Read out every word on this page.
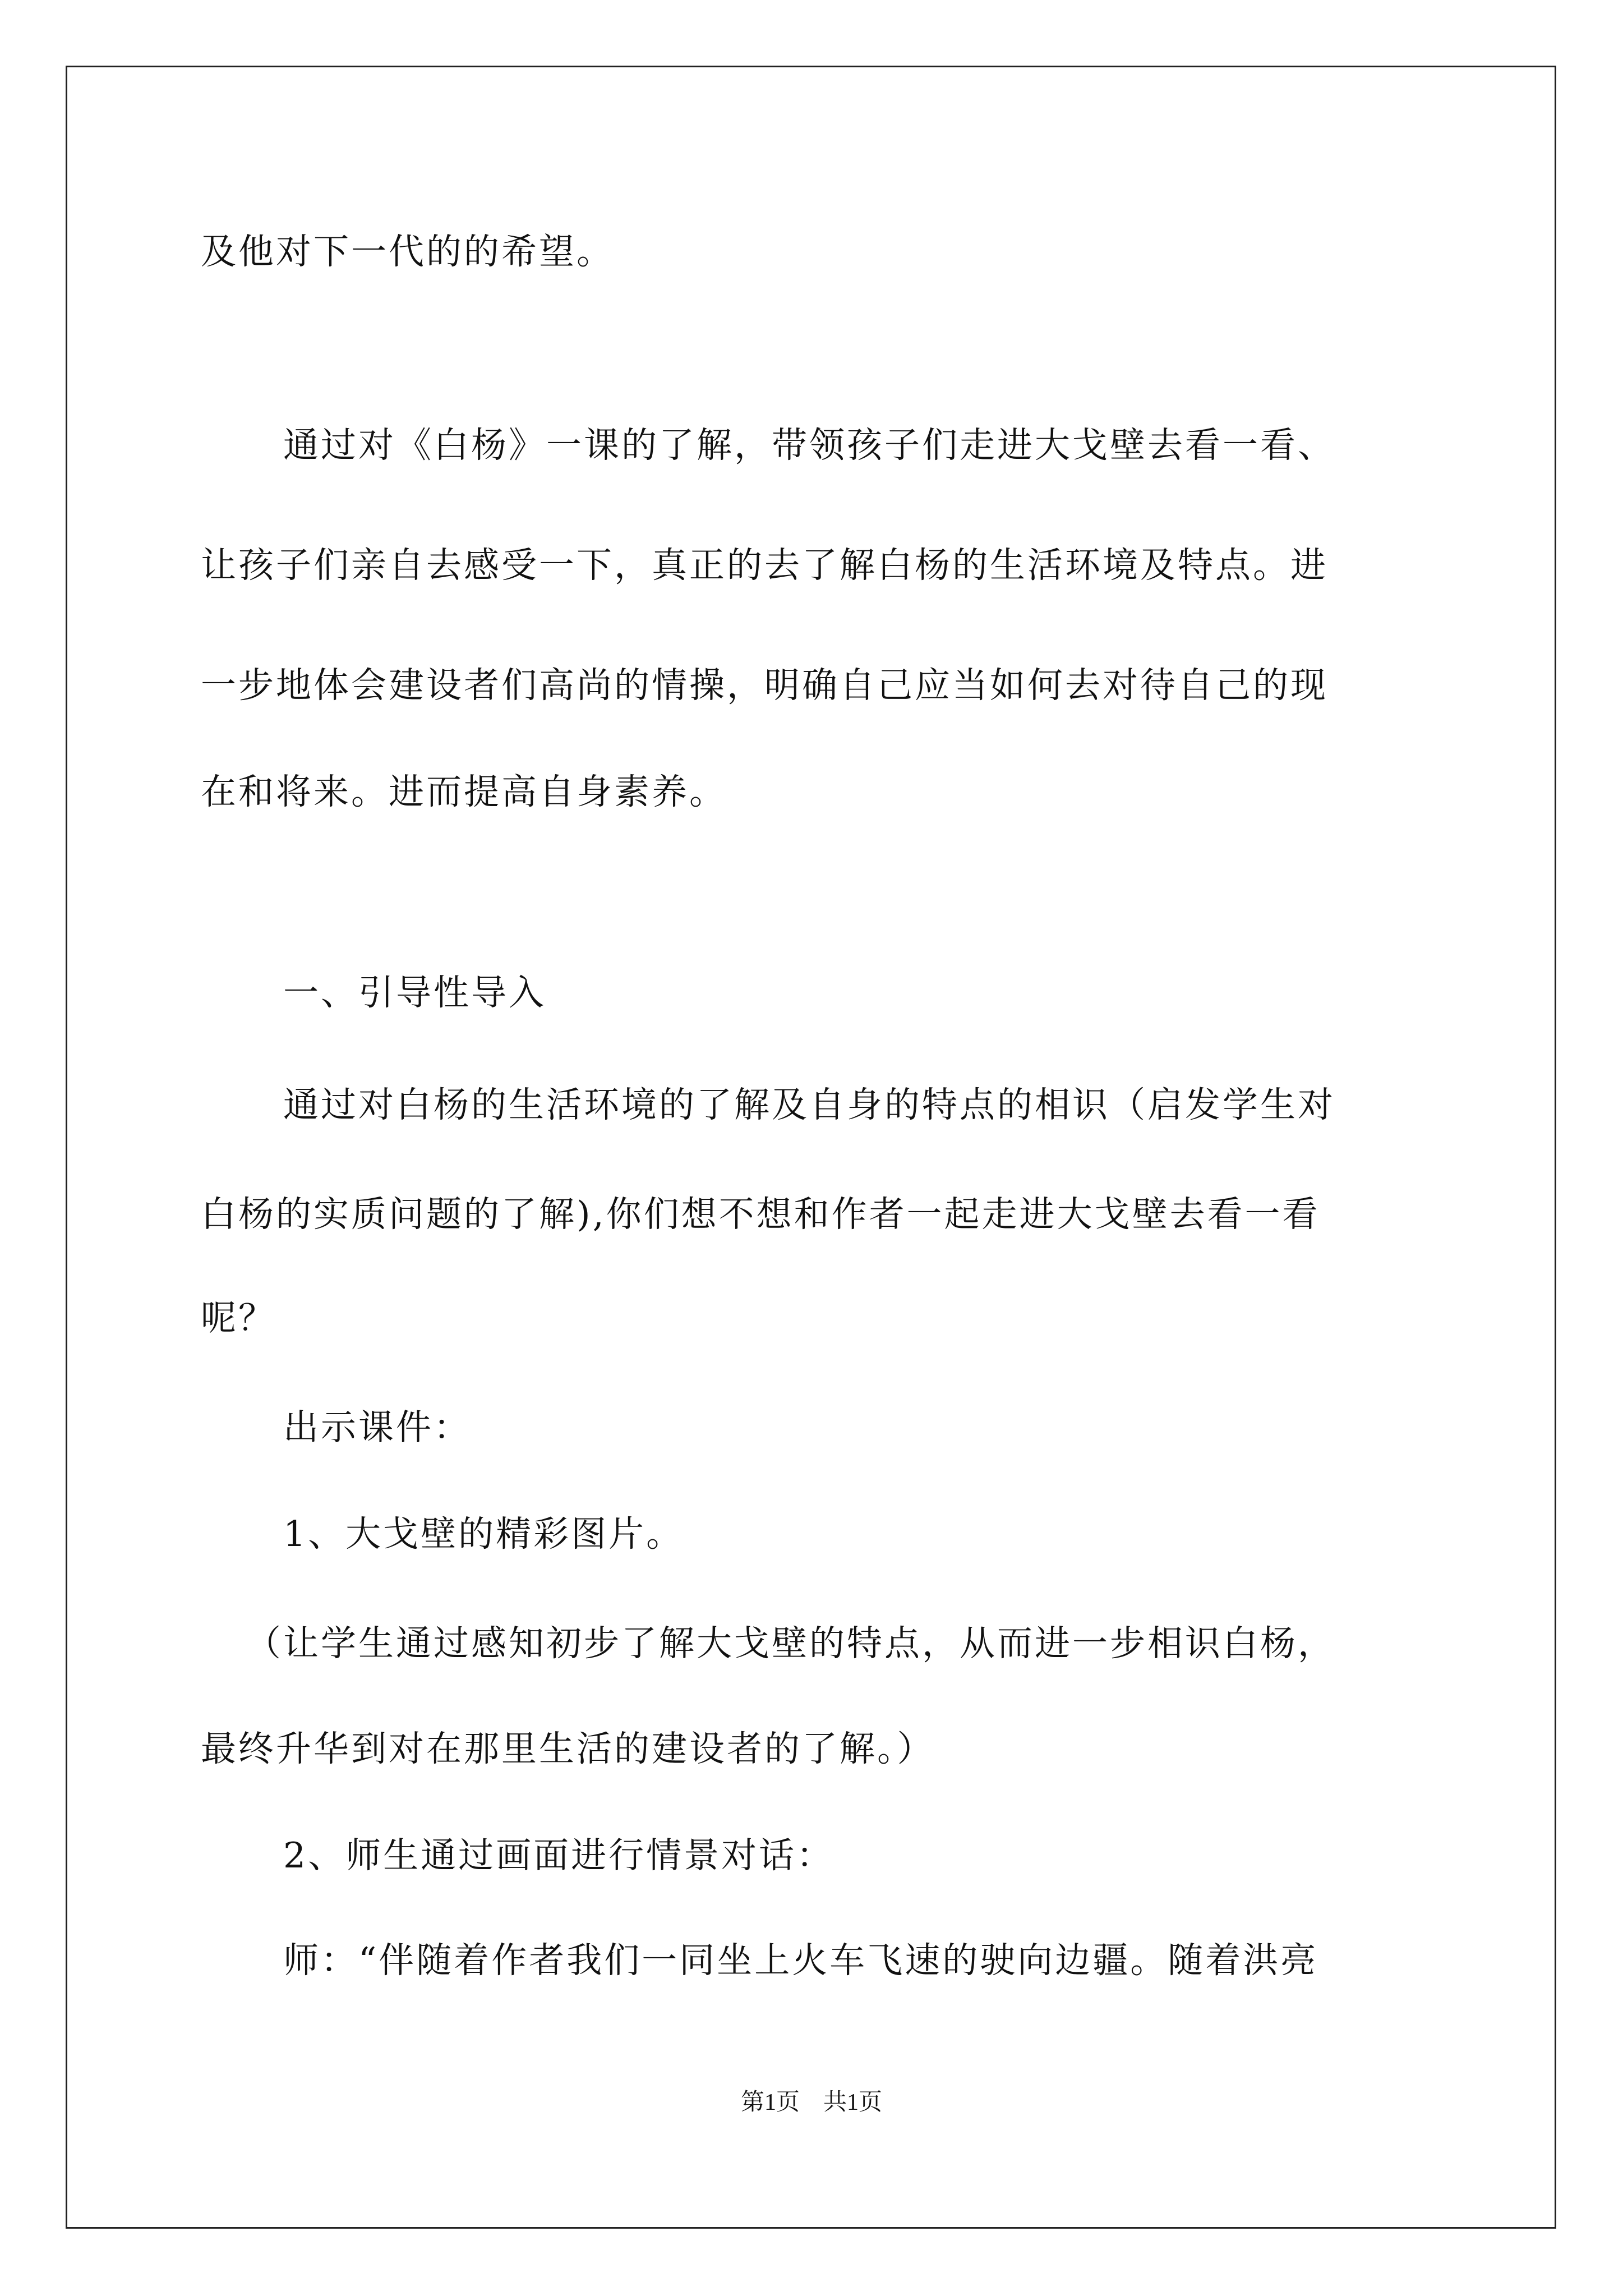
及他对下一代的的希望。
通过对《白杨》一课的了解，带领孩子们走进大戈壁去看一看、
让孩子们亲自去感受一下，真正的去了解白杨的生活环境及特点。进
一步地体会建设者们高尚的情操，明确自己应当如何去对待自己的现
在和将来。进而提高自身素养。
一、引导性导入
通过对白杨的生活环境的了解及自身的特点的相识（启发学生对
白杨的实质问题的了解),你们想不想和作者一起走进大戈壁去看一看
呢？
出示课件：
1、大戈壁的精彩图片。
（让学生通过感知初步了解大戈壁的特点，从而进一步相识白杨，
最终升华到对在那里生活的建设者的了解。）
2、师生通过画面进行情景对话：
师：“伴随着作者我们一同坐上火车飞速的驶向边疆。随着洪亮
第1页　共1页
